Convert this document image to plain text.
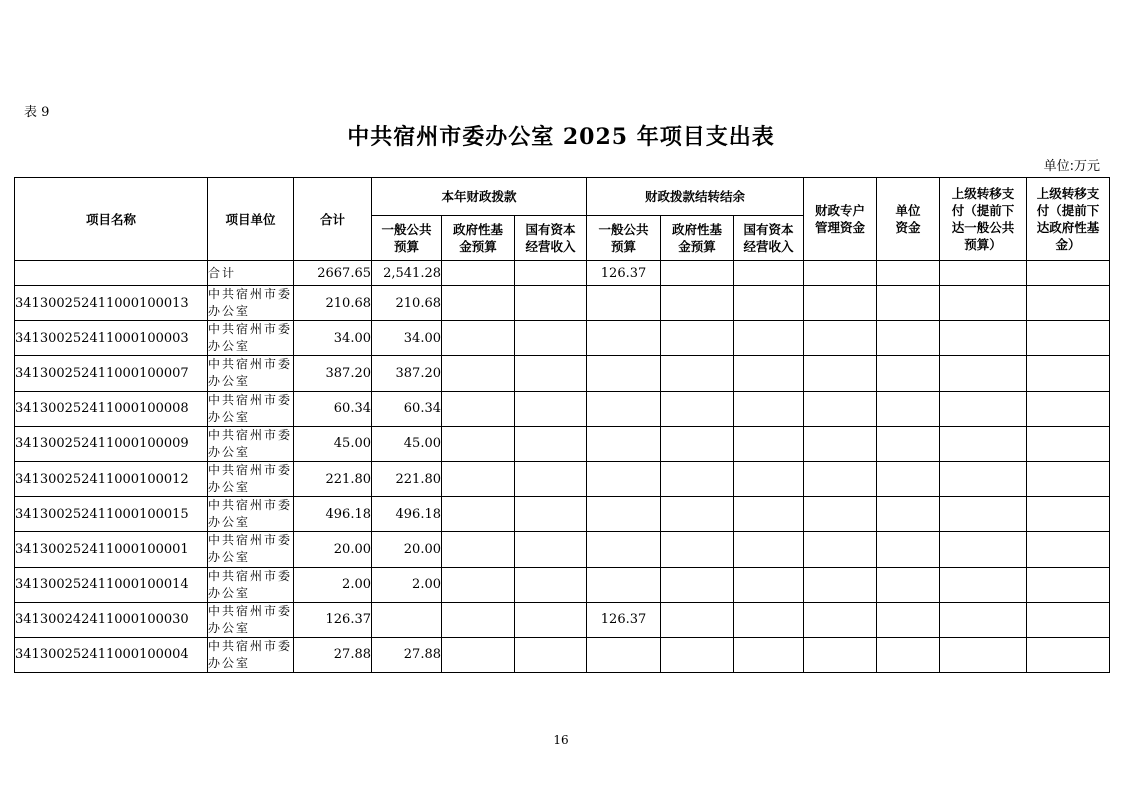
表 9
中共宿州市委办公室 2025 年项目支出表
单位:万元
项目名称	项目单位	合计	本年财政拨款			财政拨款结转结余			财政专户管理资金	单位资金	上级转移支付（提前下达一般公共预算）	上级转移支付（提前下达政府性基金）
			一般公共预算	政府性基金预算	国有资本经营收入	一般公共预算	政府性基金预算	国有资本经营收入				
	合计	2667.65	2,541.28			126.37						
341300252411000100013	中共宿州市委办公室	210.68	210.68									
341300252411000100003	中共宿州市委办公室	34.00	34.00									
341300252411000100007	中共宿州市委办公室	387.20	387.20									
341300252411000100008	中共宿州市委办公室	60.34	60.34									
341300252411000100009	中共宿州市委办公室	45.00	45.00									
341300252411000100012	中共宿州市委办公室	221.80	221.80									
341300252411000100015	中共宿州市委办公室	496.18	496.18									
341300252411000100001	中共宿州市委办公室	20.00	20.00									
341300252411000100014	中共宿州市委办公室	2.00	2.00									
341300242411000100030	中共宿州市委办公室	126.37				126.37						
341300252411000100004	中共宿州市委办公室	27.88	27.88									
16
